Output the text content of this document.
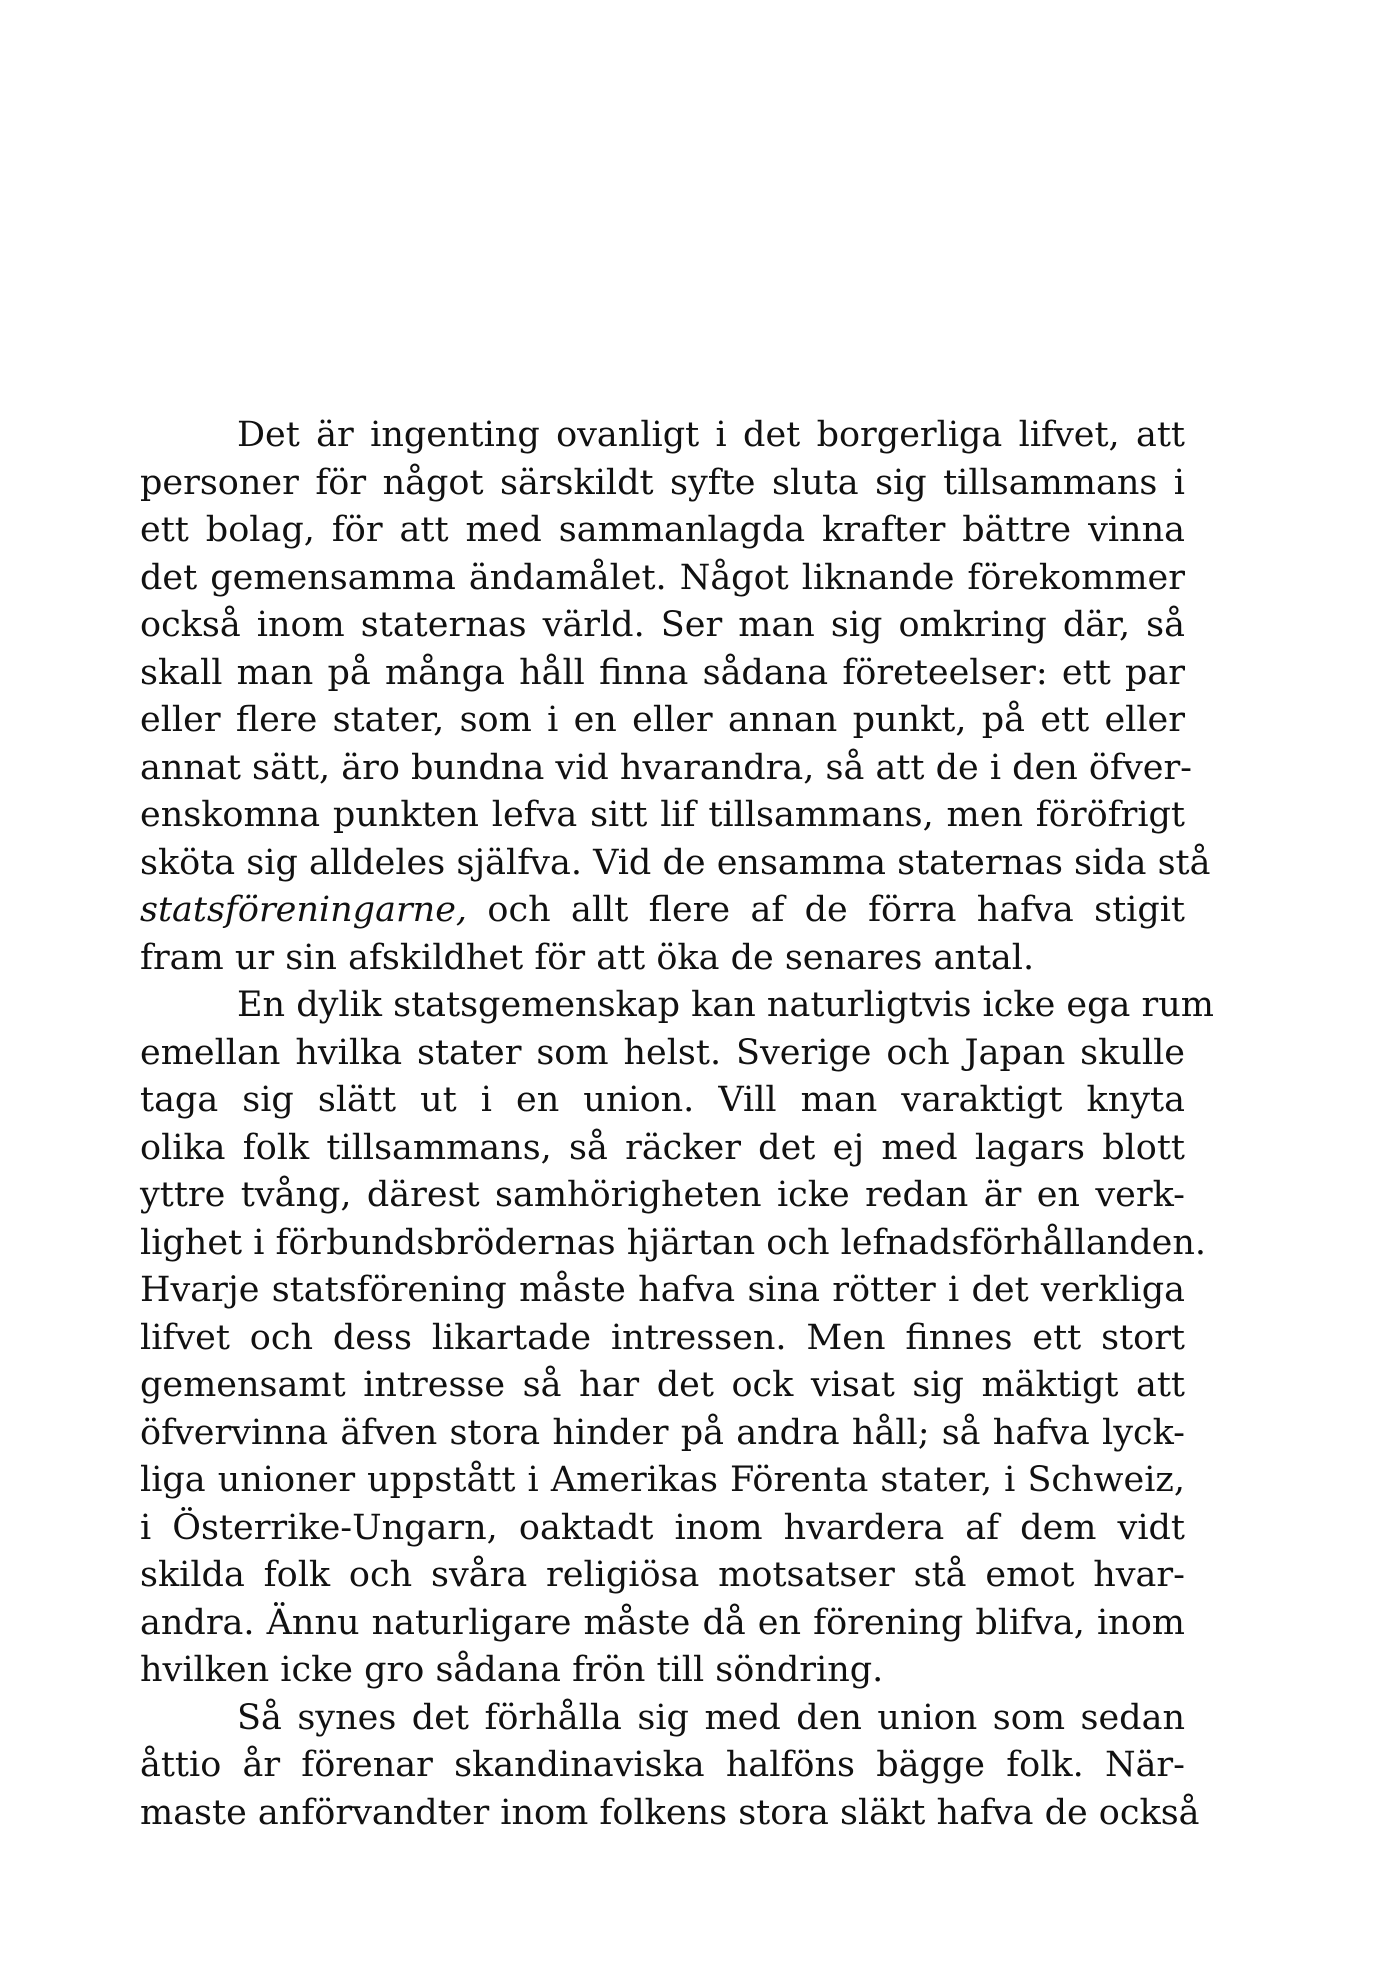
Det är ingenting ovanligt i det borgerliga lifvet, att
personer för något särskildt syfte sluta sig tillsammans i
ett bolag, för att med sammanlagda krafter bättre vinna
det gemensamma ändamålet. Något liknande förekommer
också inom staternas värld. Ser man sig omkring där, så
skall man på många håll finna sådana företeelser: ett par
eller flere stater, som i en eller annan punkt, på ett eller
annat sätt, äro bundna vid hvarandra, så att de i den öfver-
enskomna punkten lefva sitt lif tillsammans, men föröfrigt
sköta sig alldeles själfva. Vid de ensamma staternas sida stå
statsföreningarne, och allt flere af de förra hafva stigit
fram ur sin afskildhet för att öka de senares antal.
En dylik statsgemenskap kan naturligtvis icke ega rum
emellan hvilka stater som helst. Sverige och Japan skulle
taga sig slätt ut i en union. Vill man varaktigt knyta
olika folk tillsammans, så räcker det ej med lagars blott
yttre tvång, därest samhörigheten icke redan är en verk-
lighet i förbundsbrödernas hjärtan och lefnadsförhållanden.
Hvarje statsförening måste hafva sina rötter i det verkliga
lifvet och dess likartade intressen. Men finnes ett stort
gemensamt intresse så har det ock visat sig mäktigt att
öfvervinna äfven stora hinder på andra håll; så hafva lyck-
liga unioner uppstått i Amerikas Förenta stater, i Schweiz,
i Österrike-Ungarn, oaktadt inom hvardera af dem vidt
skilda folk och svåra religiösa motsatser stå emot hvar-
andra. Ännu naturligare måste då en förening blifva, inom
hvilken icke gro sådana frön till söndring.
Så synes det förhålla sig med den union som sedan
åttio år förenar skandinaviska halföns bägge folk. När-
maste anförvandter inom folkens stora släkt hafva de också
